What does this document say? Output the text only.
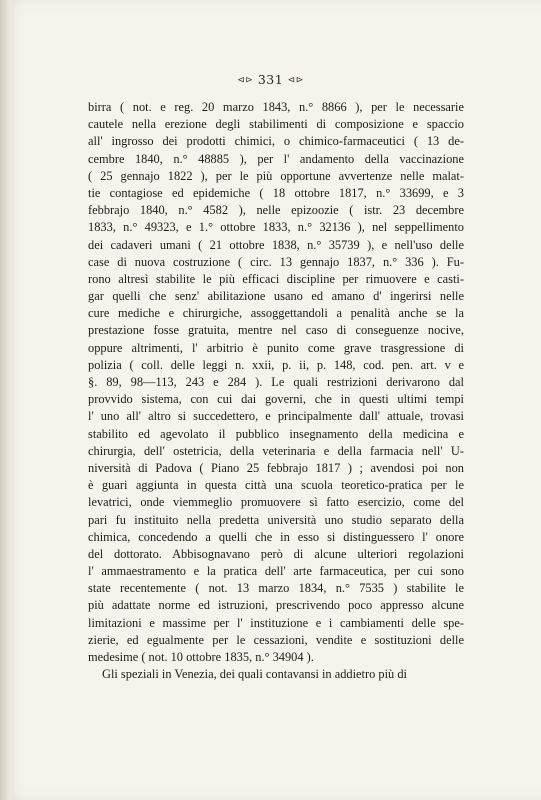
⊲⊳ 331 ⊲⊳
birra ( not. e reg. 20 marzo 1843, n.° 8866 ), per le necessarie
cautele nella erezione degli stabilimenti di composizione e spaccio
all' ingrosso dei prodotti chimici, o chimico-farmaceutici ( 13 de-
cembre 1840, n.° 48885 ), per l' andamento della vaccinazione
( 25 gennajo 1822 ), per le più opportune avvertenze nelle malat-
tie contagiose ed epidemiche ( 18 ottobre 1817, n.° 33699, e 3
febbrajo 1840, n.° 4582 ), nelle epizoozie ( istr. 23 decembre
1833, n.° 49323, e 1.° ottobre 1833, n.° 32136 ), nel seppellimento
dei cadaveri umani ( 21 ottobre 1838, n.° 35739 ), e nell'uso delle
case di nuova costruzione ( circ. 13 gennajo 1837, n.° 336 ). Fu-
rono altresì stabilite le più efficaci discipline per rimuovere e casti-
gar quelli che senz' abilitazione usano ed amano d' ingerirsi nelle
cure mediche e chirurgiche, assoggettandoli a penalità anche se la
prestazione fosse gratuita, mentre nel caso di conseguenze nocive,
oppure altrimenti, l' arbitrio è punito come grave trasgressione di
polizia ( coll. delle leggi n. xxii, p. ii, p. 148, cod. pen. art. v e
§. 89, 98—113, 243 e 284 ). Le quali restrizioni derivarono dal
provvido sistema, con cui dai governi, che in questi ultimi tempi
l' uno all' altro si succedettero, e principalmente dall' attuale, trovasi
stabilito ed agevolato il pubblico insegnamento della medicina e
chirurgia, dell' ostetricia, della veterinaria e della farmacia nell' U-
niversità di Padova ( Piano 25 febbrajo 1817 ) ; avendosi poi non
è guari aggiunta in questa città una scuola teoretico-pratica per le
levatrici, onde viemmeglio promuovere sì fatto esercizio, come del
pari fu instituito nella predetta università uno studio separato della
chimica, concedendo a quelli che in esso si distinguessero l' onore
del dottorato. Abbisognavano però di alcune ulteriori regolazioni
l' ammaestramento e la pratica dell' arte farmaceutica, per cui sono
state recentemente ( not. 13 marzo 1834, n.° 7535 ) stabilite le
più adattate norme ed istruzioni, prescrivendo poco appresso alcune
limitazioni e massime per l' instituzione e i cambiamenti delle spe-
zierie, ed egualmente per le cessazioni, vendite e sostituzioni delle
medesime ( not. 10 ottobre 1835, n.° 34904 ).
Gli speziali in Venezia, dei quali contavansi in addietro più di
